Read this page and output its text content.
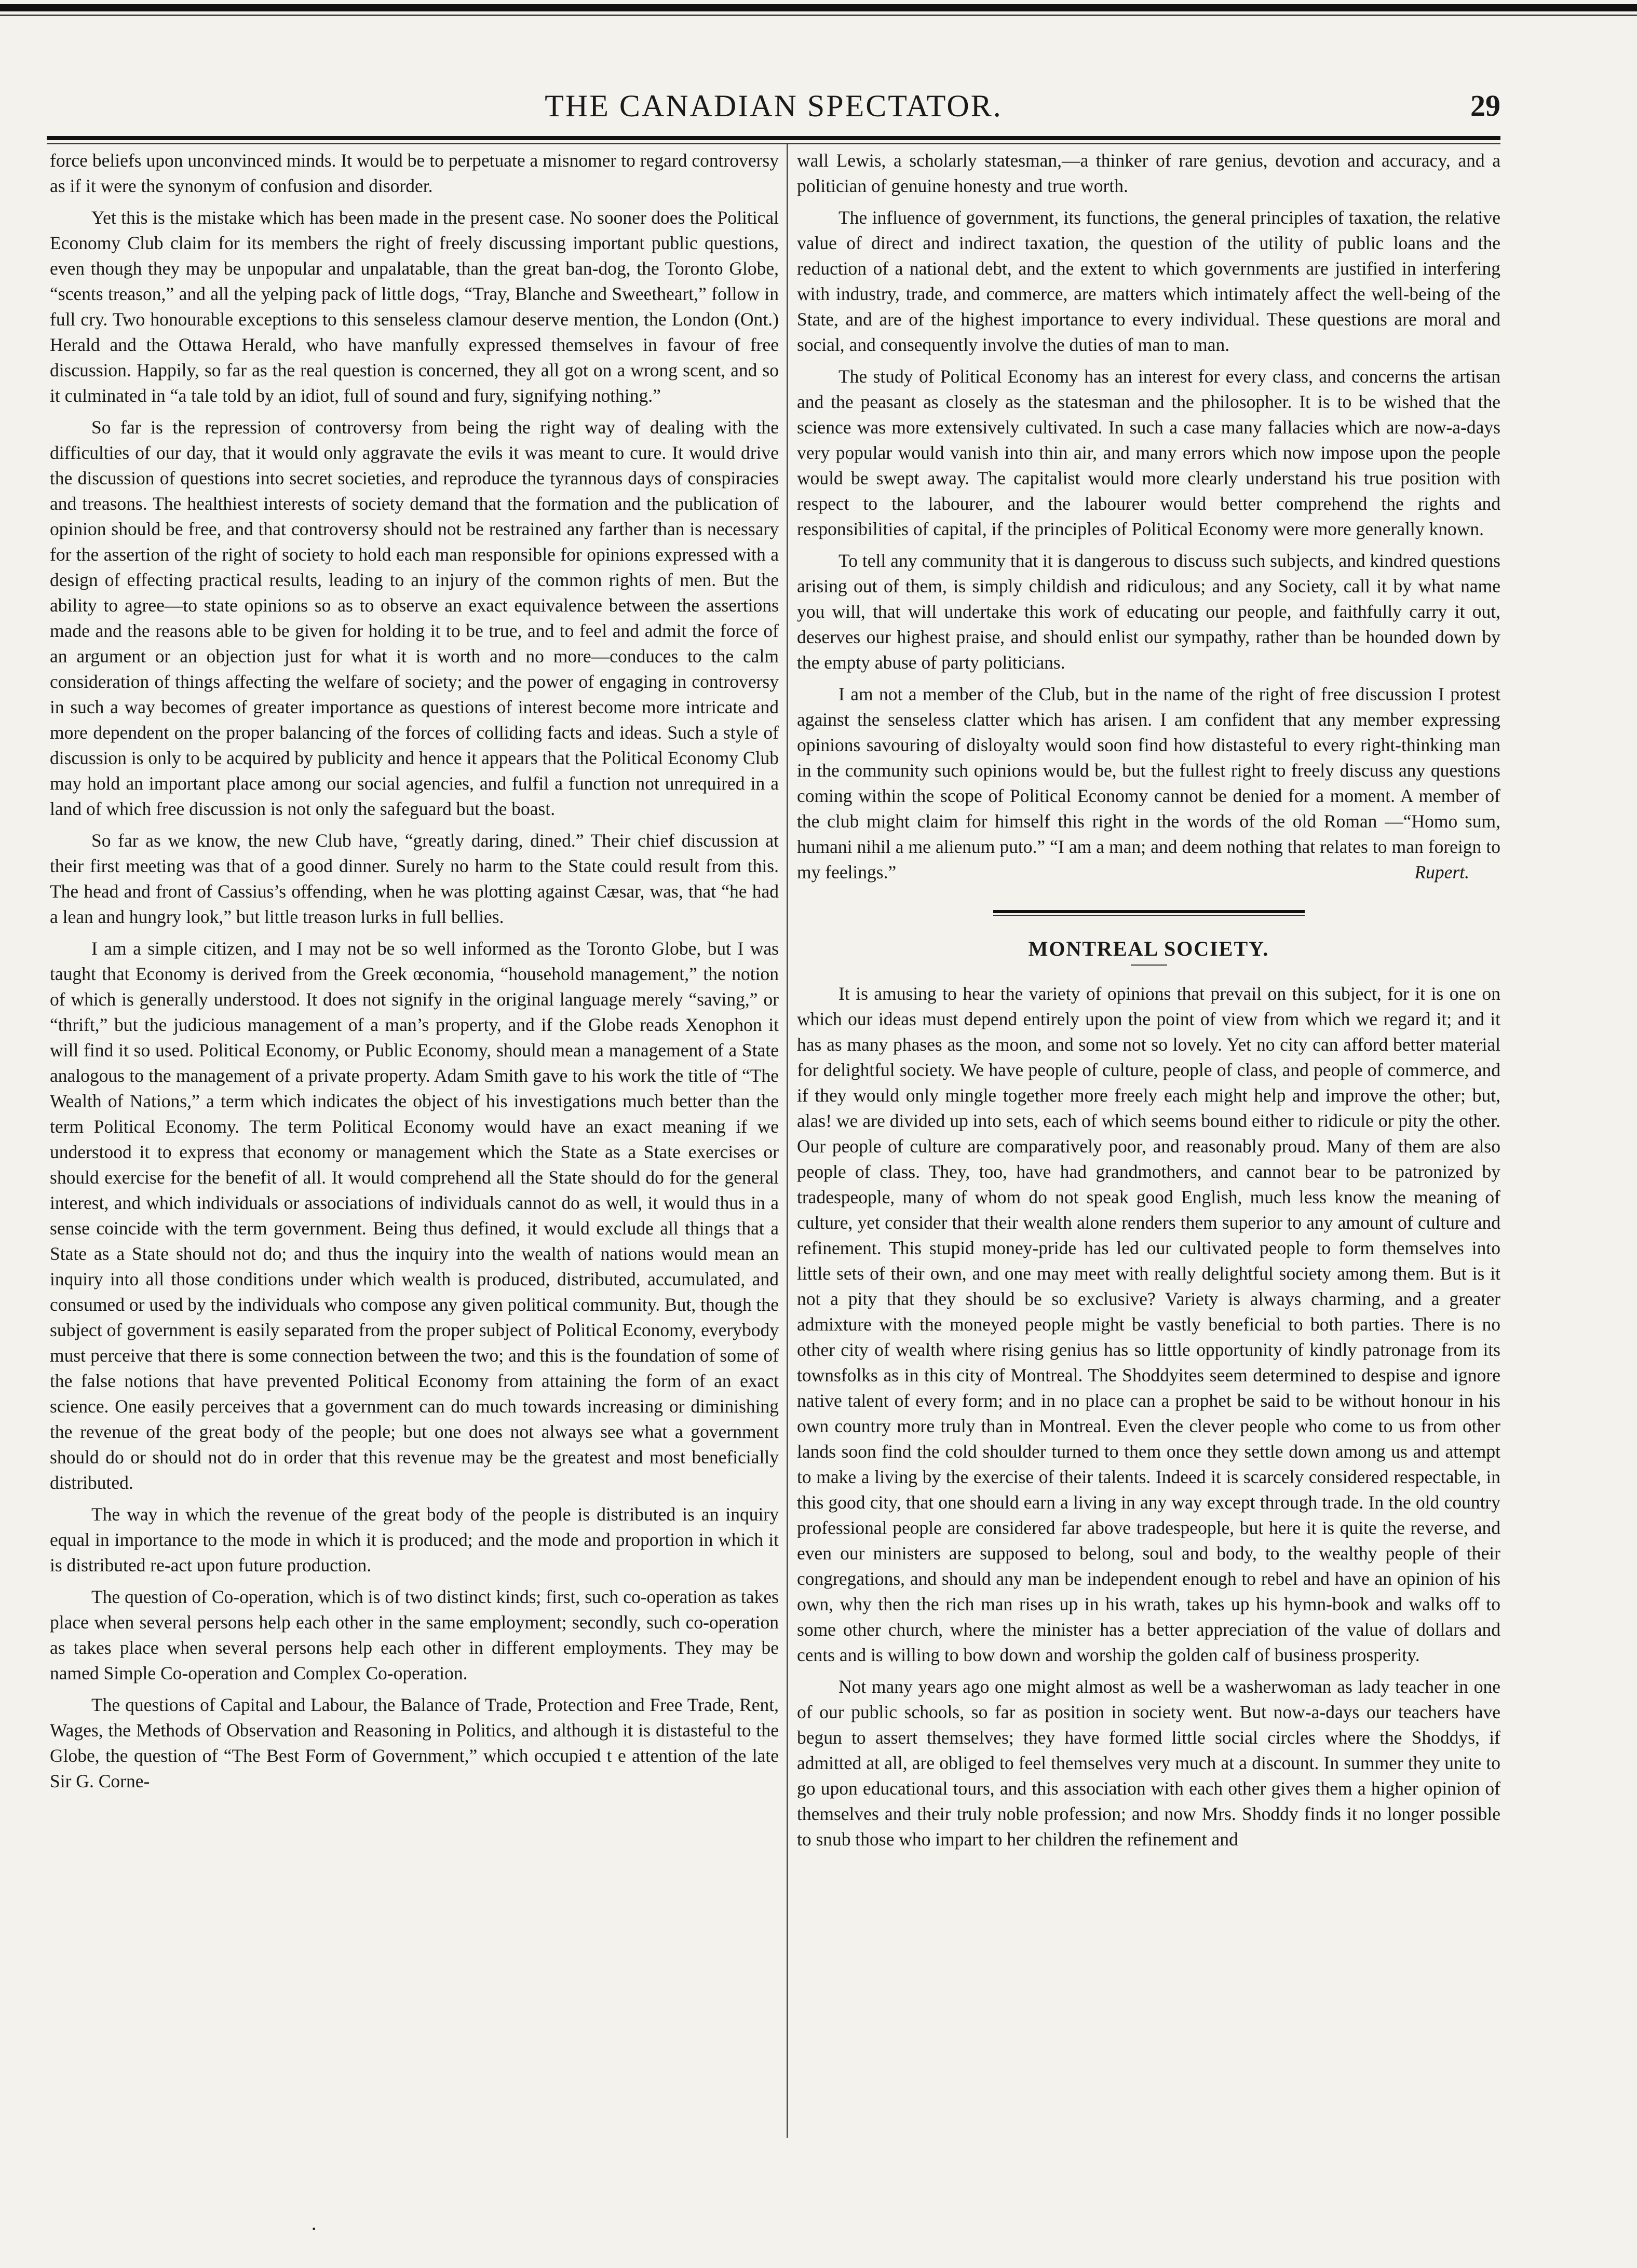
THE CANADIAN SPECTATOR.	29

force beliefs upon unconvinced minds. It would be to perpetuate a misnomer to regard controversy as if it were the synonym of confusion and disorder.

Yet this is the mistake which has been made in the present case. No sooner does the Political Economy Club claim for its members the right of freely discussing important public questions, even though they may be unpopular and unpalatable, than the great ban-dog, the Toronto Globe, “scents treason,” and all the yelping pack of little dogs, “Tray, Blanche and Sweetheart,” follow in full cry. Two honourable exceptions to this senseless clamour deserve mention, the London (Ont.) Herald and the Ottawa Herald, who have manfully expressed themselves in favour of free discussion. Happily, so far as the real question is concerned, they all got on a wrong scent, and so it culminated in “a tale told by an idiot, full of sound and fury, signifying nothing.”

So far is the repression of controversy from being the right way of dealing with the difficulties of our day, that it would only aggravate the evils it was meant to cure. It would drive the discussion of questions into secret societies, and reproduce the tyrannous days of conspiracies and treasons. The healthiest interests of society demand that the formation and the publication of opinion should be free, and that controversy should not be restrained any farther than is necessary for the assertion of the right of society to hold each man responsible for opinions expressed with a design of effecting practical results, leading to an injury of the common rights of men. But the ability to agree—to state opinions so as to observe an exact equivalence between the assertions made and the reasons able to be given for holding it to be true, and to feel and admit the force of an argument or an objection just for what it is worth and no more—conduces to the calm consideration of things affecting the welfare of society; and the power of engaging in controversy in such a way becomes of greater importance as questions of interest become more intricate and more dependent on the proper balancing of the forces of colliding facts and ideas. Such a style of discussion is only to be acquired by publicity and hence it appears that the Political Economy Club may hold an important place among our social agencies, and fulfil a function not unrequired in a land of which free discussion is not only the safeguard but the boast.

So far as we know, the new Club have, “greatly daring, dined.” Their chief discussion at their first meeting was that of a good dinner. Surely no harm to the State could result from this. The head and front of Cassius’s offending, when he was plotting against Cæsar, was, that “he had a lean and hungry look,” but little treason lurks in full bellies.

I am a simple citizen, and I may not be so well informed as the Toronto Globe, but I was taught that Economy is derived from the Greek œconomia, “household management,” the notion of which is generally understood. It does not signify in the original language merely “saving,” or “thrift,” but the judicious management of a man’s property, and if the Globe reads Xenophon it will find it so used. Political Economy, or Public Economy, should mean a management of a State analogous to the management of a private property. Adam Smith gave to his work the title of “The Wealth of Nations,” a term which indicates the object of his investigations much better than the term Political Economy. The term Political Economy would have an exact meaning if we understood it to express that economy or management which the State as a State exercises or should exercise for the benefit of all. It would comprehend all the State should do for the general interest, and which individuals or associations of individuals cannot do as well, it would thus in a sense coincide with the term government. Being thus defined, it would exclude all things that a State as a State should not do; and thus the inquiry into the wealth of nations would mean an inquiry into all those conditions under which wealth is produced, distributed, accumulated, and consumed or used by the individuals who compose any given political community. But, though the subject of government is easily separated from the proper subject of Political Economy, everybody must perceive that there is some connection between the two; and this is the foundation of some of the false notions that have prevented Political Economy from attaining the form of an exact science. One easily perceives that a government can do much towards increasing or diminishing the revenue of the great body of the people; but one does not always see what a government should do or should not do in order that this revenue may be the greatest and most beneficially distributed.

The way in which the revenue of the great body of the people is distributed is an inquiry equal in importance to the mode in which it is produced; and the mode and proportion in which it is distributed re-act upon future production.

The question of Co-operation, which is of two distinct kinds; first, such co-operation as takes place when several persons help each other in the same employment; secondly, such co-operation as takes place when several persons help each other in different employments. They may be named Simple Co-operation and Complex Co-operation.

The questions of Capital and Labour, the Balance of Trade, Protection and Free Trade, Rent, Wages, the Methods of Observation and Reasoning in Politics, and although it is distasteful to the Globe, the question of “The Best Form of Government,” which occupied t e attention of the late Sir G. Corne-

wall Lewis, a scholarly statesman,—a thinker of rare genius, devotion and accuracy, and a politician of genuine honesty and true worth.

The influence of government, its functions, the general principles of taxation, the relative value of direct and indirect taxation, the question of the utility of public loans and the reduction of a national debt, and the extent to which governments are justified in interfering with industry, trade, and commerce, are matters which intimately affect the well-being of the State, and are of the highest importance to every individual. These questions are moral and social, and consequently involve the duties of man to man.

The study of Political Economy has an interest for every class, and concerns the artisan and the peasant as closely as the statesman and the philosopher. It is to be wished that the science was more extensively cultivated. In such a case many fallacies which are now-a-days very popular would vanish into thin air, and many errors which now impose upon the people would be swept away. The capitalist would more clearly understand his true position with respect to the labourer, and the labourer would better comprehend the rights and responsibilities of capital, if the principles of Political Economy were more generally known.

To tell any community that it is dangerous to discuss such subjects, and kindred questions arising out of them, is simply childish and ridiculous; and any Society, call it by what name you will, that will undertake this work of educating our people, and faithfully carry it out, deserves our highest praise, and should enlist our sympathy, rather than be hounded down by the empty abuse of party politicians.

I am not a member of the Club, but in the name of the right of free discussion I protest against the senseless clatter which has arisen. I am confident that any member expressing opinions savouring of disloyalty would soon find how distasteful to every right-thinking man in the community such opinions would be, but the fullest right to freely discuss any questions coming within the scope of Political Economy cannot be denied for a moment. A member of the club might claim for himself this right in the words of the old Roman —“Homo sum, humani nihil a me alienum puto.” “I am a man; and deem nothing that relates to man foreign to my feelings.”	Rupert.

MONTREAL SOCIETY.

It is amusing to hear the variety of opinions that prevail on this subject, for it is one on which our ideas must depend entirely upon the point of view from which we regard it; and it has as many phases as the moon, and some not so lovely. Yet no city can afford better material for delightful society. We have people of culture, people of class, and people of commerce, and if they would only mingle together more freely each might help and improve the other; but, alas! we are divided up into sets, each of which seems bound either to ridicule or pity the other. Our people of culture are comparatively poor, and reasonably proud. Many of them are also people of class. They, too, have had grandmothers, and cannot bear to be patronized by tradespeople, many of whom do not speak good English, much less know the meaning of culture, yet consider that their wealth alone renders them superior to any amount of culture and refinement. This stupid money-pride has led our cultivated people to form themselves into little sets of their own, and one may meet with really delightful society among them. But is it not a pity that they should be so exclusive? Variety is always charming, and a greater admixture with the moneyed people might be vastly beneficial to both parties. There is no other city of wealth where rising genius has so little opportunity of kindly patronage from its townsfolks as in this city of Montreal. The Shoddyites seem determined to despise and ignore native talent of every form; and in no place can a prophet be said to be without honour in his own country more truly than in Montreal. Even the clever people who come to us from other lands soon find the cold shoulder turned to them once they settle down among us and attempt to make a living by the exercise of their talents. Indeed it is scarcely considered respectable, in this good city, that one should earn a living in any way except through trade. In the old country professional people are considered far above tradespeople, but here it is quite the reverse, and even our ministers are supposed to belong, soul and body, to the wealthy people of their congregations, and should any man be independent enough to rebel and have an opinion of his own, why then the rich man rises up in his wrath, takes up his hymn-book and walks off to some other church, where the minister has a better appreciation of the value of dollars and cents and is willing to bow down and worship the golden calf of business prosperity.

Not many years ago one might almost as well be a washerwoman as lady teacher in one of our public schools, so far as position in society went. But now-a-days our teachers have begun to assert themselves; they have formed little social circles where the Shoddys, if admitted at all, are obliged to feel themselves very much at a discount. In summer they unite to go upon educational tours, and this association with each other gives them a higher opinion of themselves and their truly noble profession; and now Mrs. Shoddy finds it no longer possible to snub those who impart to her children the refinement and

·
